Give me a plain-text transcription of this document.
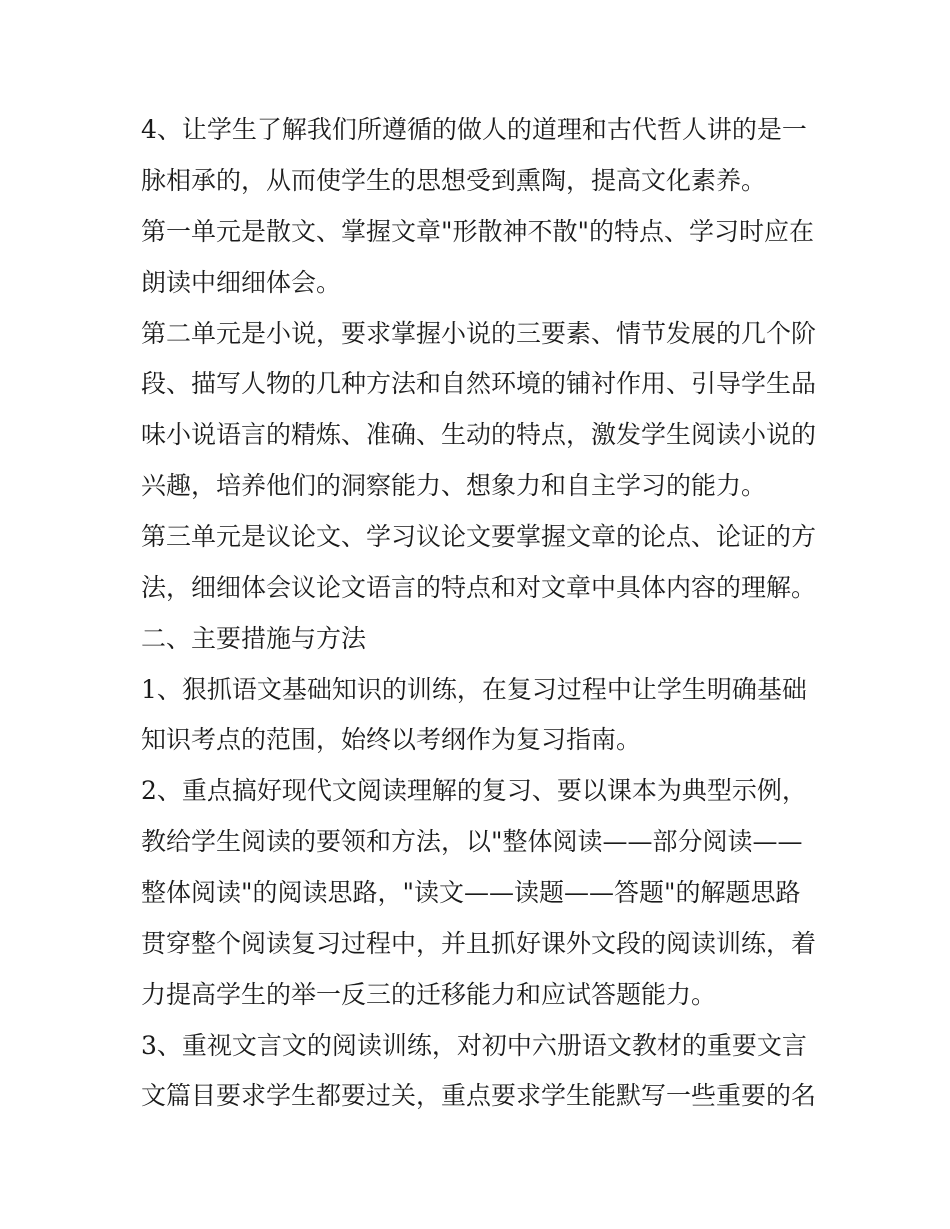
4、让学生了解我们所遵循的做人的道理和古代哲人讲的是一
脉相承的，从而使学生的思想受到熏陶，提高文化素养。
第一单元是散文、掌握文章"形散神不散"的特点、学习时应在
朗读中细细体会。
第二单元是小说，要求掌握小说的三要素、情节发展的几个阶
段、描写人物的几种方法和自然环境的铺衬作用、引导学生品
味小说语言的精炼、准确、生动的特点，激发学生阅读小说的
兴趣，培养他们的洞察能力、想象力和自主学习的能力。
第三单元是议论文、学习议论文要掌握文章的论点、论证的方
法，细细体会议论文语言的特点和对文章中具体内容的理解。
二、主要措施与方法
1、狠抓语文基础知识的训练，在复习过程中让学生明确基础
知识考点的范围，始终以考纲作为复习指南。
2、重点搞好现代文阅读理解的复习、要以课本为典型示例，
教给学生阅读的要领和方法，以"整体阅读——部分阅读——
整体阅读"的阅读思路，"读文——读题——答题"的解题思路
贯穿整个阅读复习过程中，并且抓好课外文段的阅读训练，着
力提高学生的举一反三的迁移能力和应试答题能力。
3、重视文言文的阅读训练，对初中六册语文教材的重要文言
文篇目要求学生都要过关，重点要求学生能默写一些重要的名
